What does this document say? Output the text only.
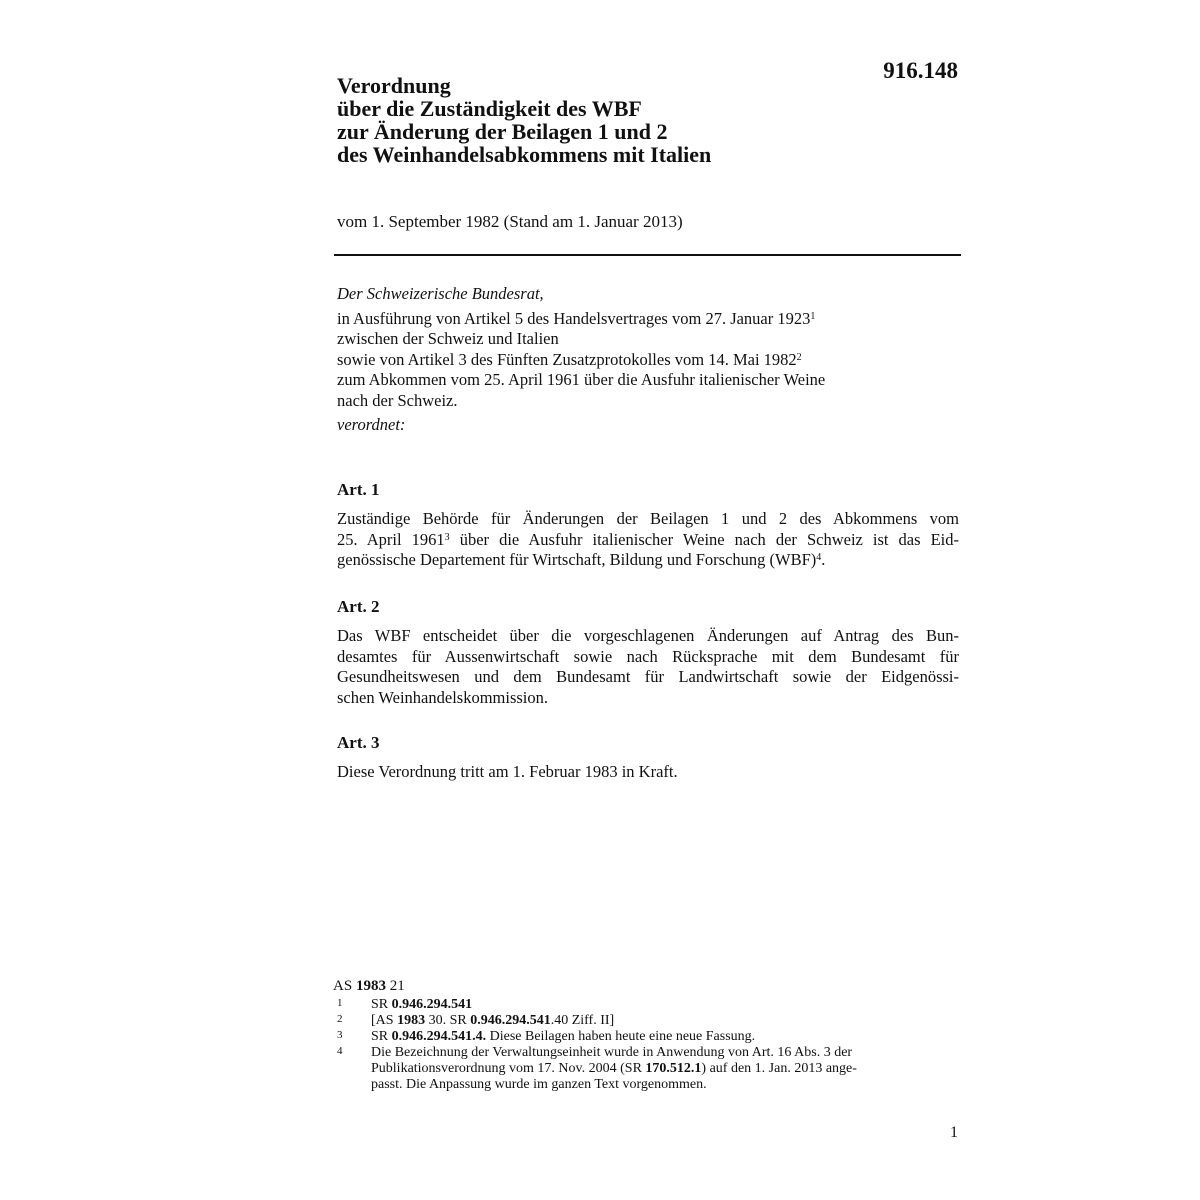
916.148
Verordnung
über die Zuständigkeit des WBF
zur Änderung der Beilagen 1 und 2
des Weinhandelsabkommens mit Italien
vom 1. September 1982 (Stand am 1. Januar 2013)
Der Schweizerische Bundesrat,
in Ausführung von Artikel 5 des Handelsvertrages vom 27. Januar 1923$^1$
zwischen der Schweiz und Italien
sowie von Artikel 3 des Fünften Zusatzprotokolles vom 14. Mai 1982$^2$
zum Abkommen vom 25. April 1961 über die Ausfuhr italienischer Weine
nach der Schweiz.
verordnet:
Art. 1
Zuständige Behörde für Änderungen der Beilagen 1 und 2 des Abkommens vom
25. April 1961$^3$ über die Ausfuhr italienischer Weine nach der Schweiz ist das Eid-
genössische Departement für Wirtschaft, Bildung und Forschung (WBF)$^4$.
Art. 2
Das WBF entscheidet über die vorgeschlagenen Änderungen auf Antrag des Bun-
desamtes für Aussenwirtschaft sowie nach Rücksprache mit dem Bundesamt für
Gesundheitswesen und dem Bundesamt für Landwirtschaft sowie der Eidgenössi-
schen Weinhandelskommission.
Art. 3
Diese Verordnung tritt am 1. Februar 1983 in Kraft.
AS 1983 21
1 SR 0.946.294.541
2 [AS 1983 30. SR 0.946.294.541.40 Ziff. II]
3 SR 0.946.294.541.4. Diese Beilagen haben heute eine neue Fassung.
4 Die Bezeichnung der Verwaltungseinheit wurde in Anwendung von Art. 16 Abs. 3 der
Publikationsverordnung vom 17. Nov. 2004 (SR 170.512.1) auf den 1. Jan. 2013 ange-
passt. Die Anpassung wurde im ganzen Text vorgenommen.
1
